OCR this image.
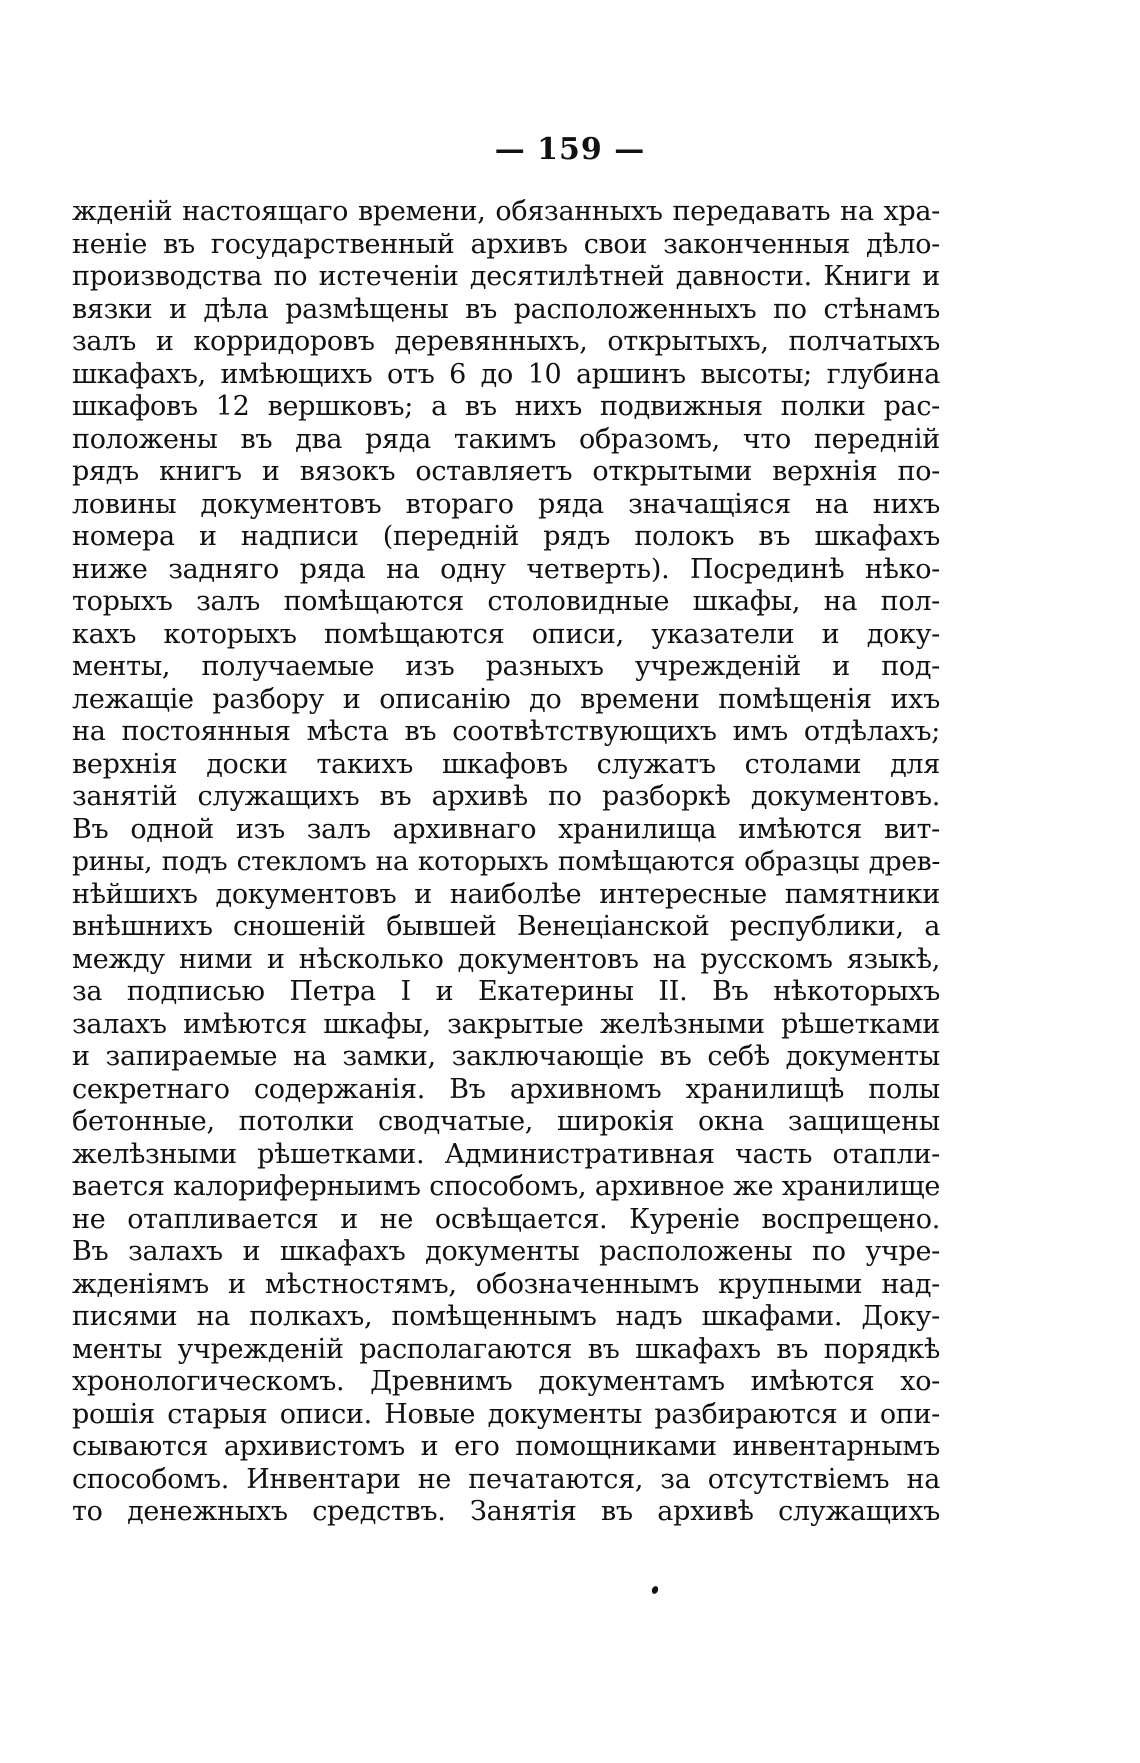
— 159 —
жденій настоящаго времени, обязанныхъ передавать на хра-
неніе въ государственный архивъ свои законченныя дѣло-
производства по истеченіи десятилѣтней давности. Книги и
вязки и дѣла размѣщены въ расположенныхъ по стѣнамъ
залъ и корридоровъ деревянныхъ, открытыхъ, полчатыхъ
шкафахъ, имѣющихъ отъ 6 до 10 аршинъ высоты; глубина
шкафовъ 12 вершковъ; а въ нихъ подвижныя полки рас-
положены въ два ряда такимъ образомъ, что передній
рядъ книгъ и вязокъ оставляетъ открытыми верхнія по-
ловины документовъ втораго ряда значащіяся на нихъ
номера и надписи (передній рядъ полокъ въ шкафахъ
ниже задняго ряда на одну четверть). Посрединѣ нѣко-
торыхъ залъ помѣщаются столовидные шкафы, на пол-
кахъ которыхъ помѣщаются описи, указатели и доку-
менты, получаемые изъ разныхъ учрежденій и под-
лежащіе разбору и описанію до времени помѣщенія ихъ
на постоянныя мѣста въ соотвѣтствующихъ имъ отдѣлахъ;
верхнія доски такихъ шкафовъ служатъ столами для
занятій служащихъ въ архивѣ по разборкѣ документовъ.
Въ одной изъ залъ архивнаго хранилища имѣются вит-
рины, подъ стекломъ на которыхъ помѣщаются образцы древ-
нѣйшихъ документовъ и наиболѣе интересные памятники
внѣшнихъ сношеній бывшей Венеціанской республики, а
между ними и нѣсколько документовъ на русскомъ языкѣ,
за подписью Петра I и Екатерины II. Въ нѣкоторыхъ
залахъ имѣются шкафы, закрытые желѣзными рѣшетками
и запираемые на замки, заключающіе въ себѣ документы
секретнаго содержанія. Въ архивномъ хранилищѣ полы
бетонные, потолки сводчатые, широкія окна защищены
желѣзными рѣшетками. Административная часть отапли-
вается калориферныимъ способомъ, архивное же хранилище
не отапливается и не освѣщается. Куреніе воспрещено.
Въ залахъ и шкафахъ документы расположены по учре-
жденіямъ и мѣстностямъ, обозначеннымъ крупными над-
писями на полкахъ, помѣщеннымъ надъ шкафами. Доку-
менты учрежденій располагаются въ шкафахъ въ порядкѣ
хронологическомъ. Древнимъ документамъ имѣются хо-
рошія старыя описи. Новые документы разбираются и опи-
сываются архивистомъ и его помощниками инвентарнымъ
способомъ. Инвентари не печатаются, за отсутствіемъ на
то денежныхъ средствъ. Занятія въ архивѣ служащихъ
